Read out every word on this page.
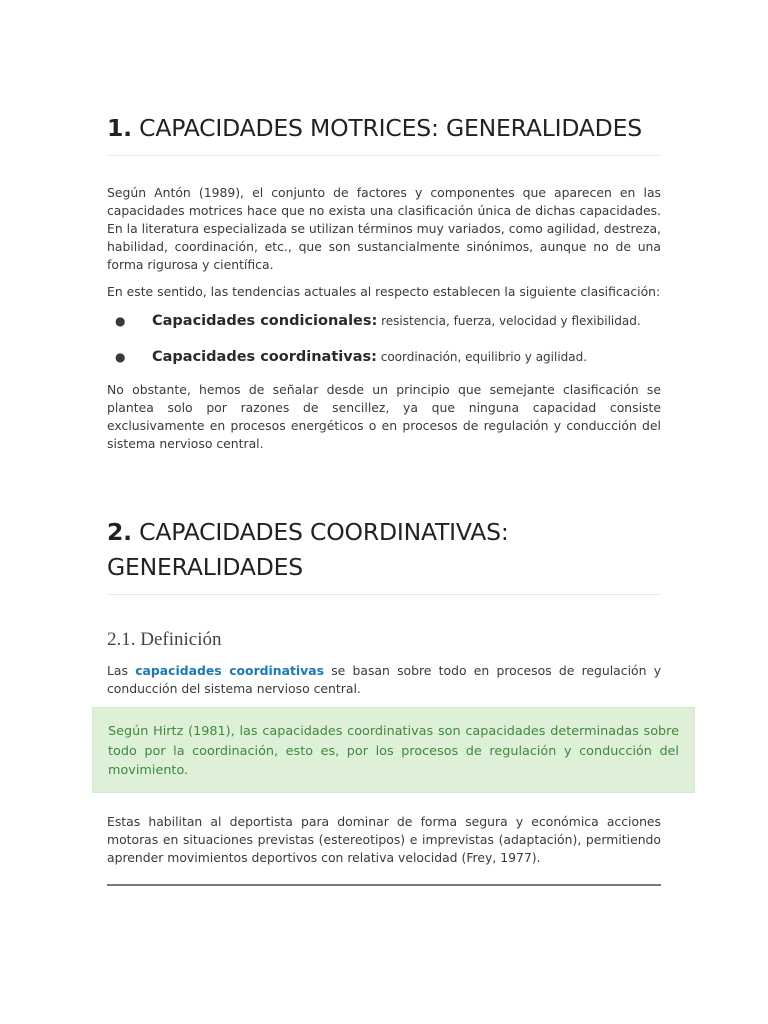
1. CAPACIDADES MOTRICES: GENERALIDADES

Según Antón (1989), el conjunto de factores y componentes que aparecen en las capacidades motrices hace que no exista una clasificación única de dichas capacidades. En la literatura especializada se utilizan términos muy variados, como agilidad, destreza, habilidad, coordinación, etc., que son sustancialmente sinónimos, aunque no de una forma rigurosa y científica.

En este sentido, las tendencias actuales al respecto establecen la siguiente clasificación:

● Capacidades condicionales: resistencia, fuerza, velocidad y flexibilidad.
● Capacidades coordinativas: coordinación, equilibrio y agilidad.

No obstante, hemos de señalar desde un principio que semejante clasificación se plantea solo por razones de sencillez, ya que ninguna capacidad consiste exclusivamente en procesos energéticos o en procesos de regulación y conducción del sistema nervioso central.

2. CAPACIDADES COORDINATIVAS:
GENERALIDADES
2.1. Definición

Las capacidades coordinativas se basan sobre todo en procesos de regulación y conducción del sistema nervioso central.

Estas habilitan al deportista para dominar de forma segura y económica acciones motoras en situaciones previstas (estereotipos) e imprevistas (adaptación), permitiendo aprender movimientos deportivos con relativa velocidad (Frey, 1977).

Según Hirtz (1981), las capacidades coordinativas son capacidades determinadas sobre todo por la coordinación, esto es, por los procesos de regulación y conducción del movimiento.
